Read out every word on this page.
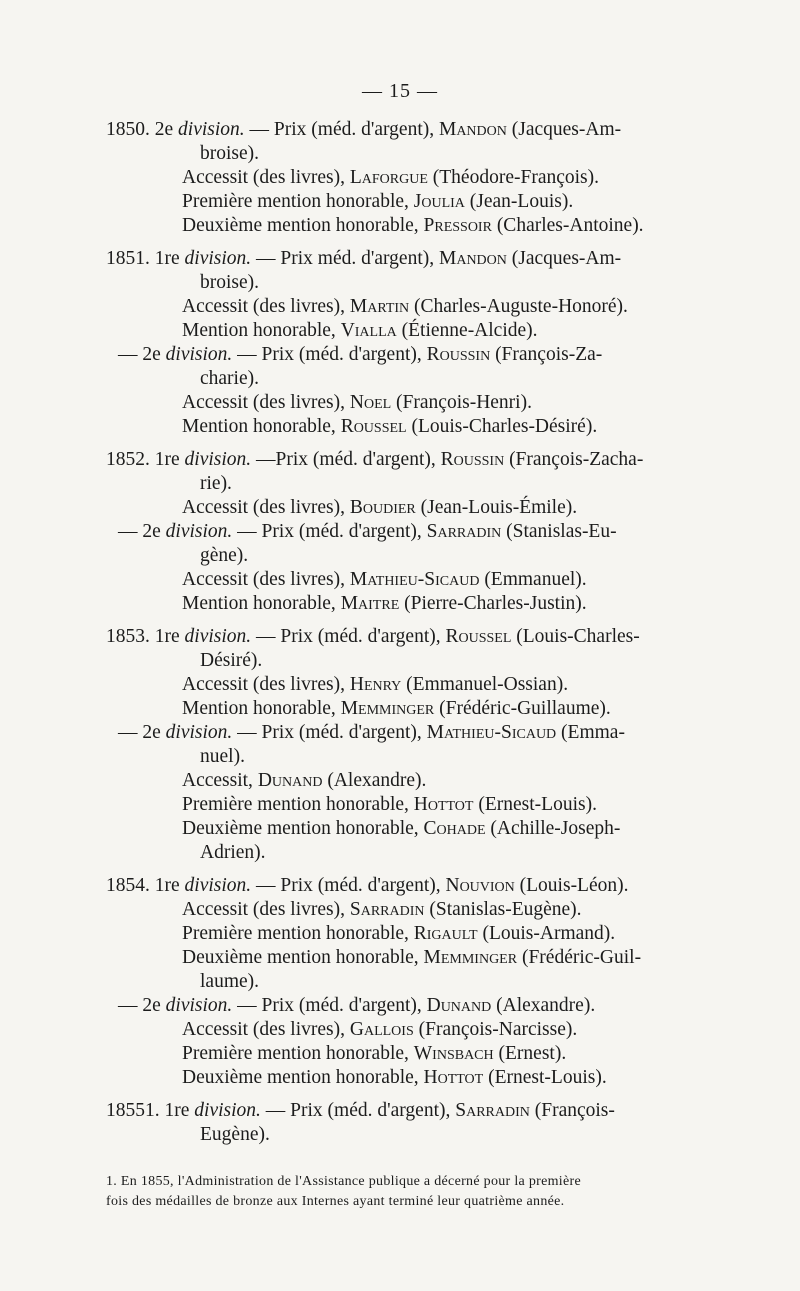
— 15 —
1850. 2e division. — Prix (méd. d'argent), Mandon (Jacques-Am-
broise).
Accessit (des livres), Laforgue (Théodore-François).
Première mention honorable, Joulia (Jean-Louis).
Deuxième mention honorable, Pressoir (Charles-Antoine).
1851. 1re division. — Prix méd. d'argent), Mandon (Jacques-Am-
broise).
Accessit (des livres), Martin (Charles-Auguste-Honoré).
Mention honorable, Vialla (Étienne-Alcide).
— 2e division. — Prix (méd. d'argent), Roussin (François-Za-
charie).
Accessit (des livres), Noel (François-Henri).
Mention honorable, Roussel (Louis-Charles-Désiré).
1852. 1re division. —Prix (méd. d'argent), Roussin (François-Zacha-
rie).
Accessit (des livres), Boudier (Jean-Louis-Émile).
— 2e division. — Prix (méd. d'argent), Sarradin (Stanislas-Eu-
gène).
Accessit (des livres), Mathieu-Sicaud (Emmanuel).
Mention honorable, Maitre (Pierre-Charles-Justin).
1853. 1re division. — Prix (méd. d'argent), Roussel (Louis-Charles-
Désiré).
Accessit (des livres), Henry (Emmanuel-Ossian).
Mention honorable, Memminger (Frédéric-Guillaume).
— 2e division. — Prix (méd. d'argent), Mathieu-Sicaud (Emma-
nuel).
Accessit, Dunand (Alexandre).
Première mention honorable, Hottot (Ernest-Louis).
Deuxième mention honorable, Cohade (Achille-Joseph-
Adrien).
1854. 1re division. — Prix (méd. d'argent), Nouvion (Louis-Léon).
Accessit (des livres), Sarradin (Stanislas-Eugène).
Première mention honorable, Rigault (Louis-Armand).
Deuxième mention honorable, Memminger (Frédéric-Guil-
laume).
— 2e division. — Prix (méd. d'argent), Dunand (Alexandre).
Accessit (des livres), Gallois (François-Narcisse).
Première mention honorable, Winsbach (Ernest).
Deuxième mention honorable, Hottot (Ernest-Louis).
18551. 1re division. — Prix (méd. d'argent), Sarradin (François-
Eugène).
1. En 1855, l'Administration de l'Assistance publique a décerné pour la première
fois des médailles de bronze aux Internes ayant terminé leur quatrième année.
